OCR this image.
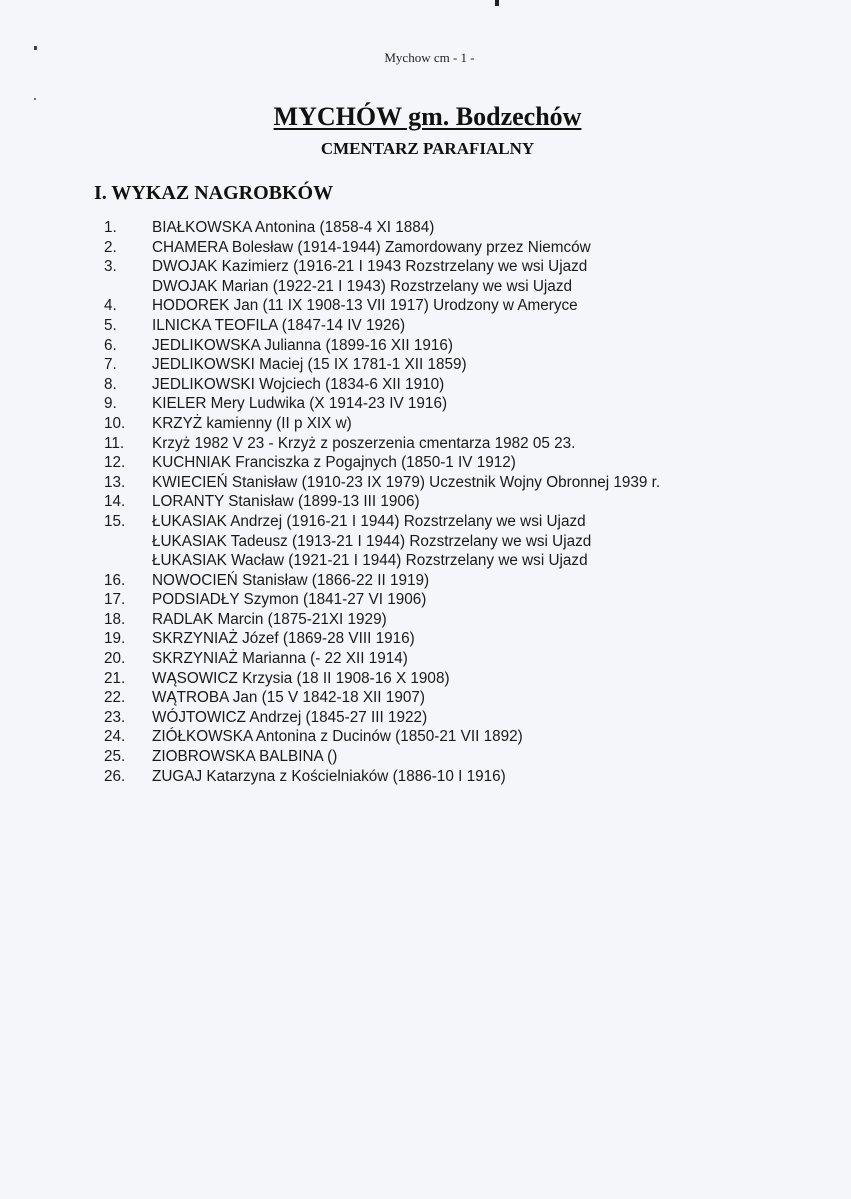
Mychow cm - 1 -
MYCHÓW gm. Bodzechów
CMENTARZ PARAFIALNY
I. WYKAZ NAGROBKÓW
1. BIAŁKOWSKA Antonina (1858-4 XI 1884)
2. CHAMERA Bolesław (1914-1944) Zamordowany przez Niemców
3. DWOJAK Kazimierz (1916-21 I 1943 Rozstrzelany we wsi Ujazd
DWOJAK Marian (1922-21 I 1943) Rozstrzelany we wsi Ujazd
4. HODOREK Jan (11 IX 1908-13 VII 1917) Urodzony w Ameryce
5. ILNICKA TEOFILA (1847-14 IV 1926)
6. JEDLIKOWSKA Julianna (1899-16 XII 1916)
7. JEDLIKOWSKI Maciej (15 IX 1781-1 XII 1859)
8. JEDLIKOWSKI Wojciech (1834-6 XII 1910)
9. KIELER Mery Ludwika (X 1914-23 IV 1916)
10. KRZYŻ kamienny (II p XIX w)
11. Krzyż 1982 V 23 - Krzyż z poszerzenia cmentarza 1982 05 23.
12. KUCHNIAK Franciszka z Pogajnych (1850-1 IV 1912)
13. KWIECIEŃ Stanisław (1910-23 IX 1979) Uczestnik Wojny Obronnej 1939 r.
14. LORANTY Stanisław (1899-13 III 1906)
15. ŁUKASIAK Andrzej (1916-21 I 1944) Rozstrzelany we wsi Ujazd
ŁUKASIAK Tadeusz (1913-21 I 1944) Rozstrzelany we wsi Ujazd
ŁUKASIAK Wacław (1921-21 I 1944) Rozstrzelany we wsi Ujazd
16. NOWOCIEŃ Stanisław (1866-22 II 1919)
17. PODSIADŁY Szymon (1841-27 VI 1906)
18. RADLAK Marcin (1875-21XI 1929)
19. SKRZYNIAŻ Józef (1869-28 VIII 1916)
20. SKRZYNIAŻ Marianna (- 22 XII 1914)
21. WĄSOWICZ Krzysia (18 II 1908-16 X 1908)
22. WĄTROBA Jan (15 V 1842-18 XII 1907)
23. WÓJTOWICZ Andrzej (1845-27 III 1922)
24. ZIÓŁKOWSKA Antonina z Ducinów (1850-21 VII 1892)
25. ZIOBROWSKA BALBINA ()
26. ZUGAJ Katarzyna z Kościelniaków (1886-10 I 1916)
